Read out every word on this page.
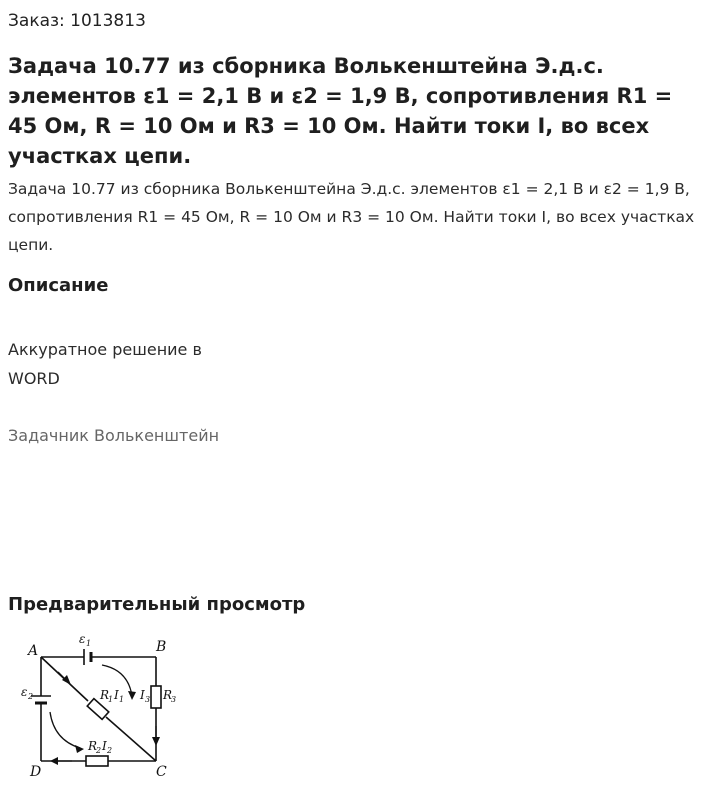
Заказ: 1013813
Задача 10.77 из сборника Волькенштейна Э.д.с. элементов ε1 = 2,1 В и ε2 = 1,9 В, сопротивления R1 = 45 Ом, R = 10 Ом и R3 = 10 Ом. Найти токи I, во всех участках цепи.
Задача 10.77 из сборника Волькенштейна Э.д.с. элементов ε1 = 2,1 В и ε2 = 1,9 В, сопротивления R1 = 45 Ом, R = 10 Ом и R3 = 10 Ом. Найти токи I, во всех участках цепи.
Описание
Аккуратное решение в
WORD
Задачник Волькенштейн
Предварительный просмотр
A	B
C
D
ε 1
ε 2	R
1 I 1 I 3 R
3
R
2 I 2
